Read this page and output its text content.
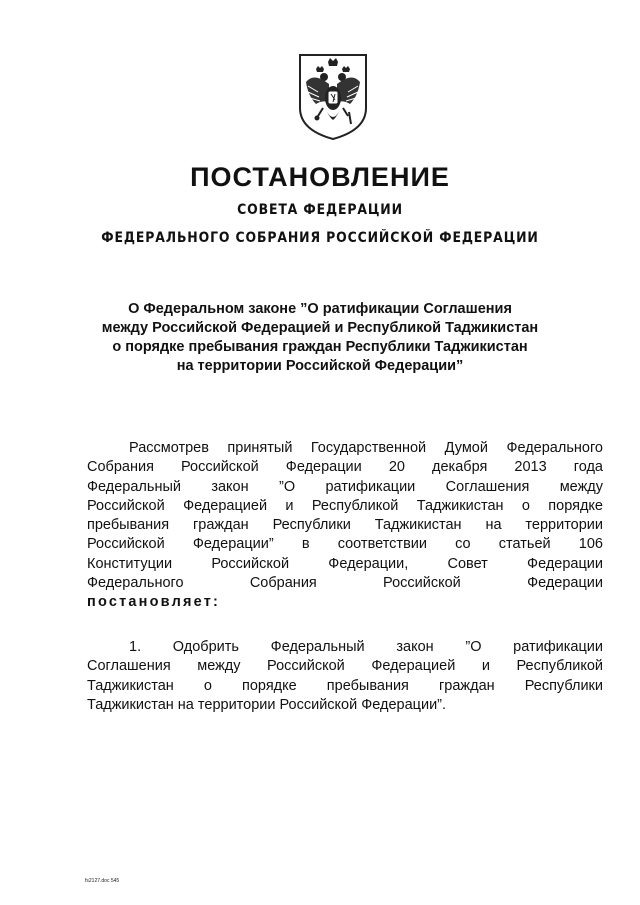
ПОСТАНОВЛЕНИЕ
СОВЕТА ФЕДЕРАЦИИ
ФЕДЕРАЛЬНОГО СОБРАНИЯ РОССИЙСКОЙ ФЕДЕРАЦИИ
О Федеральном законе ”О ратификации Соглашения
между Российской Федерацией и Республикой Таджикистан
о порядке пребывания граждан Республики Таджикистан
на территории Российской Федерации”
Рассмотрев принятый Государственной Думой Федерального
Собрания Российской Федерации 20 декабря 2013 года
Федеральный закон ”О ратификации Соглашения между
Российской Федерацией и Республикой Таджикистан о порядке
пребывания граждан Республики Таджикистан на территории
Российской Федерации” в соответствии со статьей 106
Конституции Российской Федерации, Совет Федерации
Федерального Собрания Российской Федерации
постановляет:
1. Одобрить Федеральный закон ”О ратификации
Соглашения между Российской Федерацией и Республикой
Таджикистан о порядке пребывания граждан Республики
Таджикистан на территории Российской Федерации”.
fs2127.doc 545
